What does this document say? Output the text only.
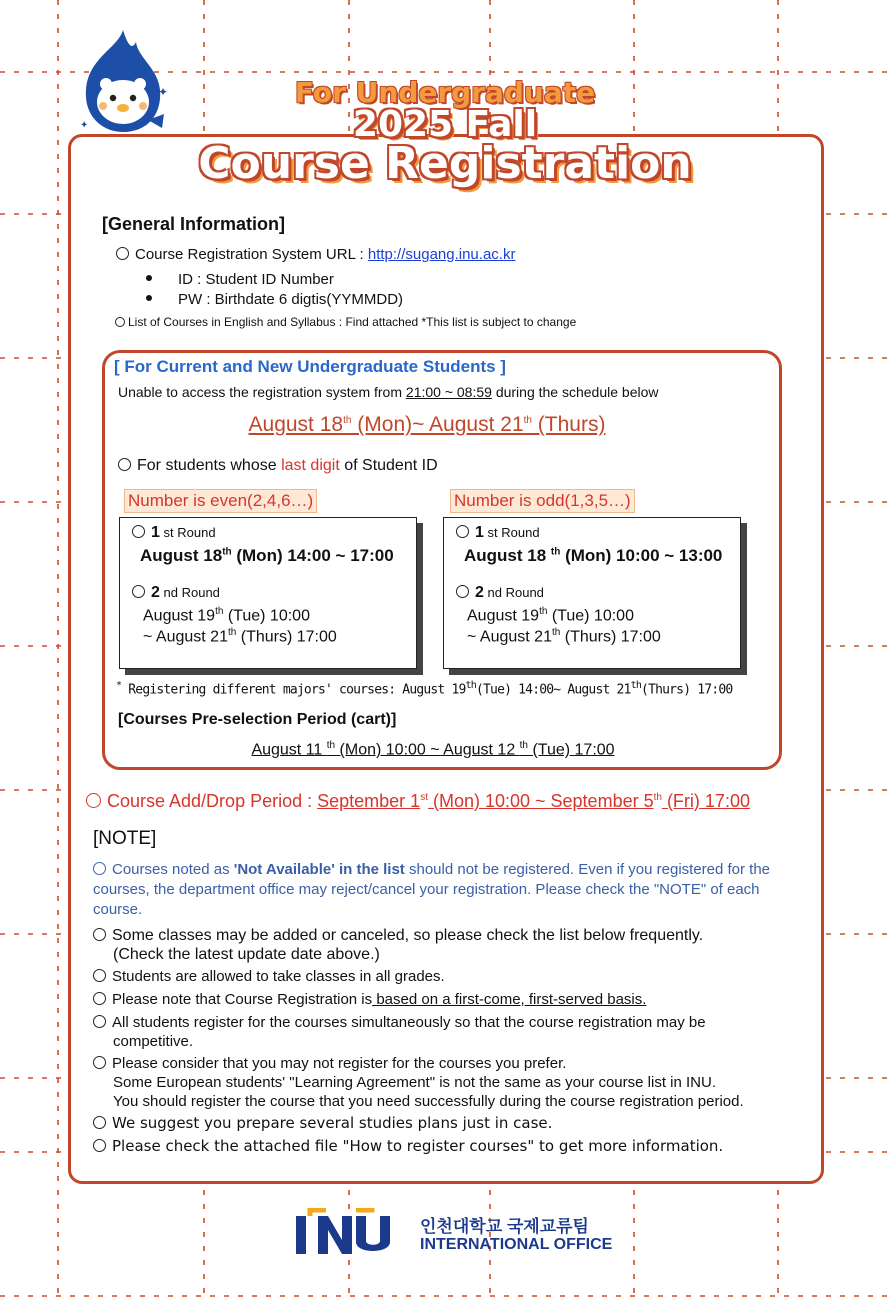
✦
✦
For Undergraduate
2025 Fall
Course Registration
[General Information]
Course Registration System URL : http://sugang.inu.ac.kr
ID : Student ID Number
PW : Birthdate 6 digtis(YYMMDD)
List of Courses in English and Syllabus : Find attached *This list is subject to change
[ For Current and New Undergraduate Students ]
Unable to access the registration system from 21:00 ~ 08:59 during the schedule below
August 18th (Mon)~ August 21th (Thurs)
For students whose last digit of Student ID
1 st Round
August 18th (Mon) 14:00 ~ 17:00
2 nd Round
August 19th (Tue) 10:00
~ August 21th (Thurs) 17:00
Number is even(2,4,6…)
1 st Round
August 18 $^{th}$ (Mon) 10:00 ~ 13:00
2 nd Round
August 19th (Tue) 10:00
~ August 21th (Thurs) 17:00
Number is odd(1,3,5…)
* Registering different majors' courses: August 19th(Tue) 14:00~ August 21th(Thurs) 17:00
[Courses Pre-selection Period (cart)]
August 11 $^{th}$ (Mon) 10:00 ~ August 12 $^{th}$ (Tue) 17:00
Course Add/Drop Period : September 1st (Mon) 10:00 ~ September 5th (Fri) 17:00
[NOTE]
Courses noted as 'Not Available' in the list should not be registered. Even if you registered for the courses, the department office may reject/cancel your registration. Please check the "NOTE" of each course.
Some classes may be added or canceled, so please check the list below frequently.
(Check the latest update date above.)
Students are allowed to take classes in all grades.
Please note that Course Registration is based on a first-come, first-served basis.
All students register for the courses simultaneously so that the course registration may be
competitive.
Please consider that you may not register for the courses you prefer.
Some European students' "Learning Agreement" is not the same as your course list in INU.
You should register the course that you need successfully during the course registration period.
We suggest you prepare several studies plans just in case.
Please check the attached file "How to register courses" to get more information.
인천대학교 국제교류팀
INTERNATIONAL OFFICE
